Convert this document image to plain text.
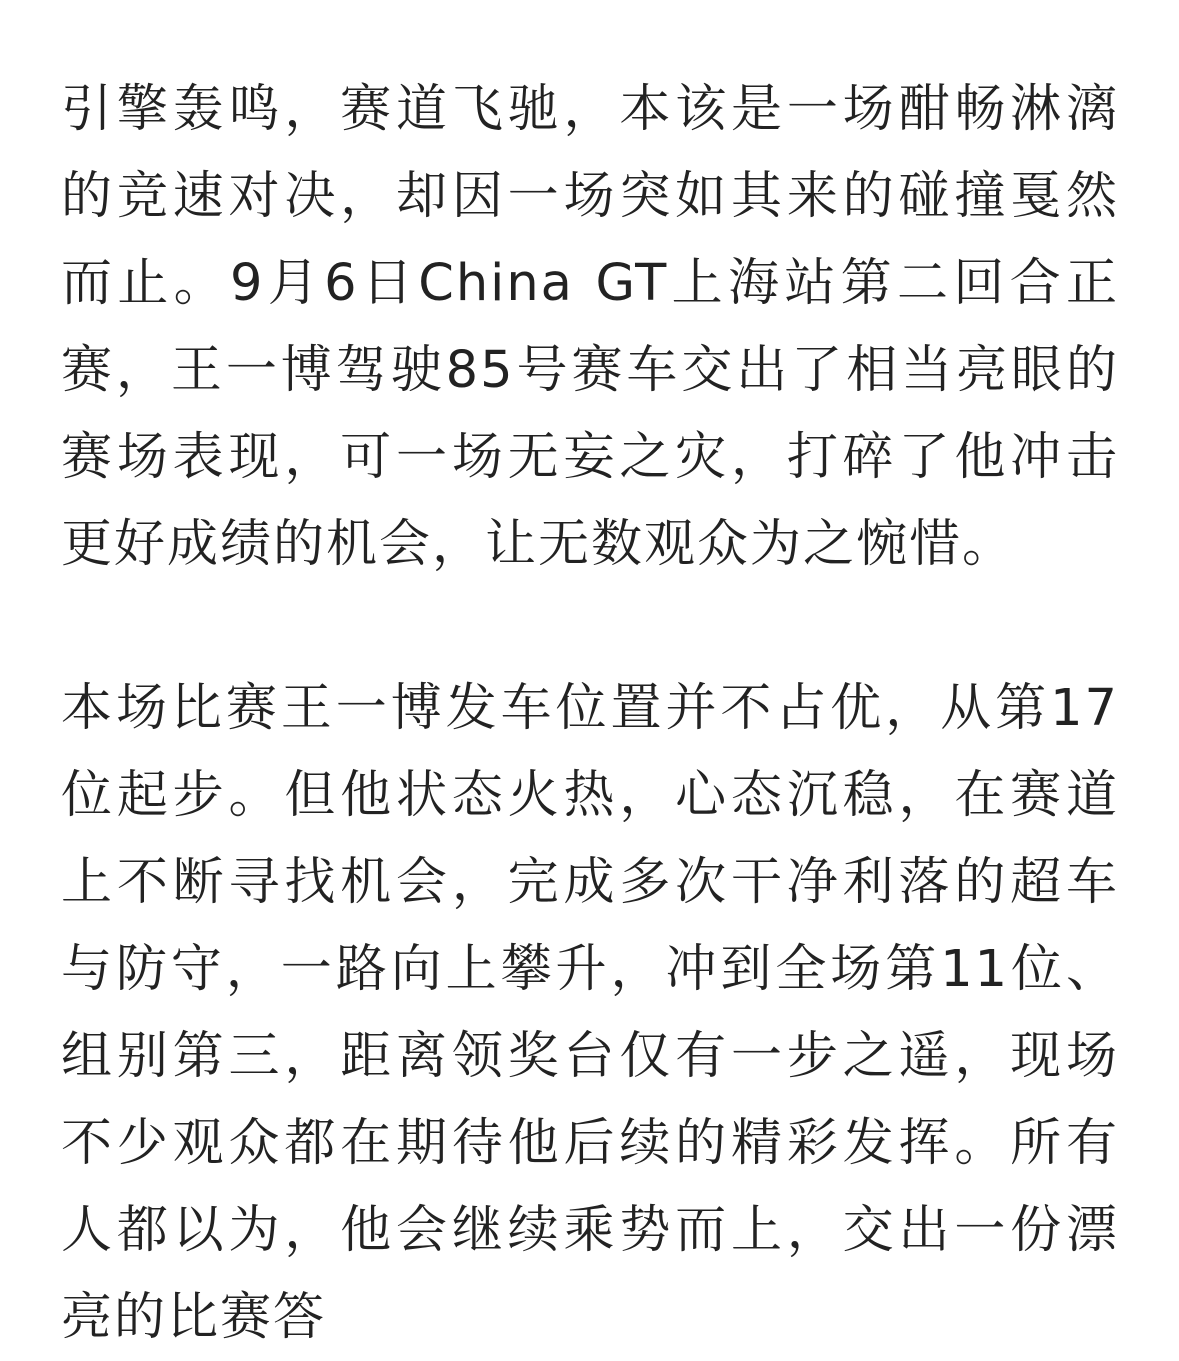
引擎轰鸣，赛道飞驰，本该是一场酣畅淋漓的竞速对决，却因一场突如其来的碰撞戛然而止。9月6日China GT上海站第二回合正赛，王一博驾驶85号赛车交出了相当亮眼的赛场表现，可一场无妄之灾，打碎了他冲击更好成绩的机会，让无数观众为之惋惜。

本场比赛王一博发车位置并不占优，从第17位起步。但他状态火热，心态沉稳，在赛道上不断寻找机会，完成多次干净利落的超车与防守，一路向上攀升，冲到全场第11位、组别第三，距离领奖台仅有一步之遥，现场不少观众都在期待他后续的精彩发挥。所有人都以为，他会继续乘势而上，交出一份漂亮的比赛答
